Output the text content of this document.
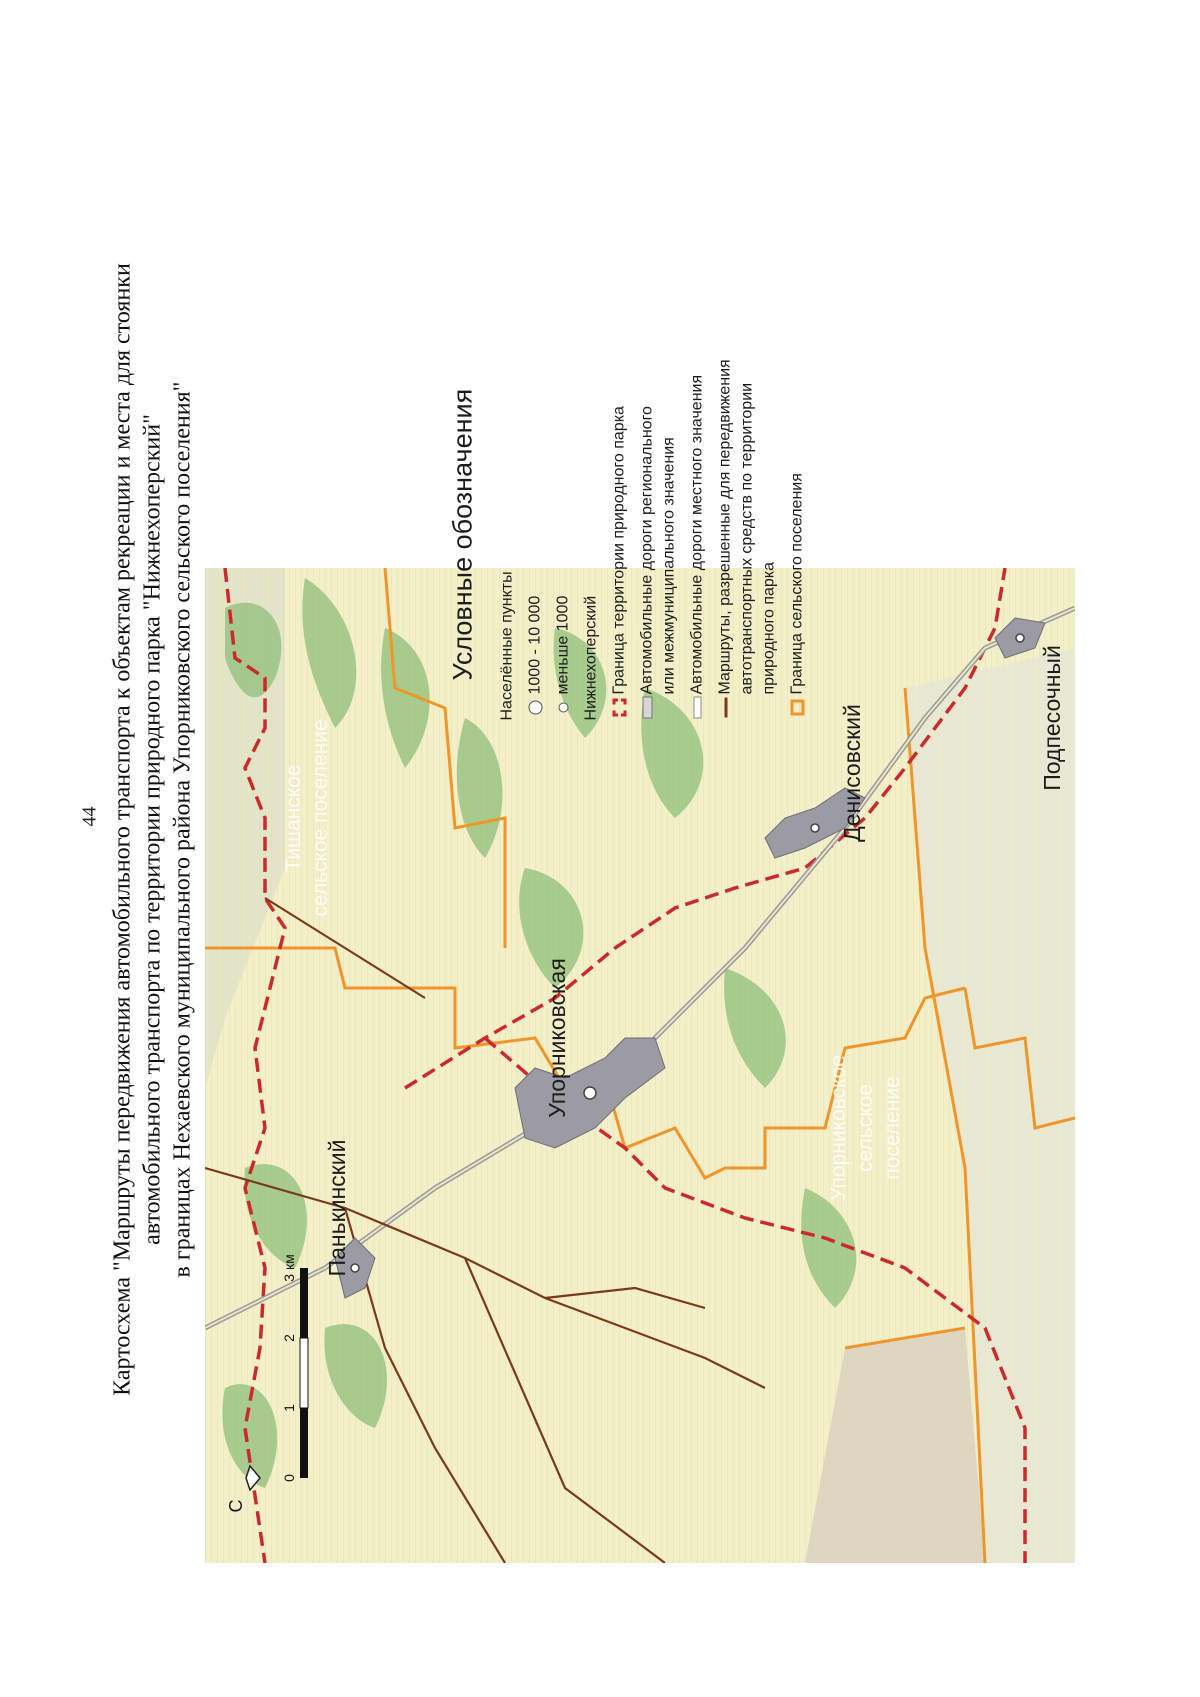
44 Картосхема "Маршруты передвижения автомобильного транспорта к объектам рекреации и места для стоянки автомобильного транспорта по территории природного парка "Нижнехоперский" в границах Нехаевского муниципального района Упорниковского сельского поселения"	Упорниковская
Панькинский
Денисовский	Подпесочный
Тишанское сельское поселение
Упорниковское сельское поселение
С
3 км
2
1
0
Условные обозначения Населённые пункты 1000 - 10 000 меньше 1000 Нижнехоперский Граница территории природного парка Автомобильные дороги регионального или межмуниципального значения Автомобильные дороги местного значения Маршруты, разрешенные для передвижения автотранспортных средств по территории природного парка Граница сельского поселения
